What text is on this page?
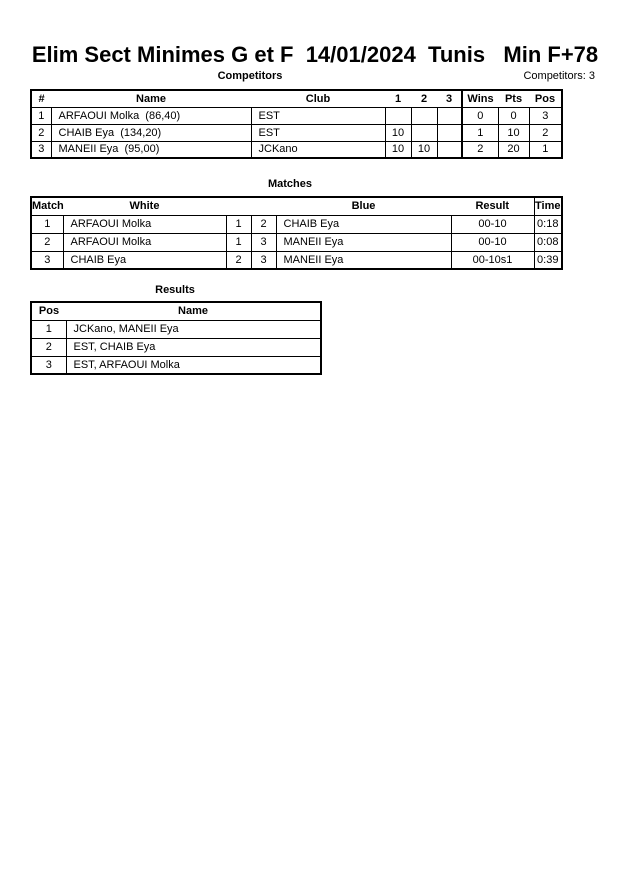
Elim Sect Minimes G et F  14/01/2024  Tunis   Min F+78
Competitors	Competitors: 3
#	Name	Club	1	2	3	Wins	Pts	Pos
1	ARFAOUI Molka  (86,40)	EST				0	0	3
2	CHAIB Eya  (134,20)	EST	10			1	10	2
3	MANEII Eya  (95,00)	JCKano	10	10		2	20	1
Matches
Match	White			Blue	Result	Time
1	ARFAOUI Molka	1	2	CHAIB Eya	00-10	0:18
2	ARFAOUI Molka	1	3	MANEII Eya	00-10	0:08
3	CHAIB Eya	2	3	MANEII Eya	00-10s1	0:39
Results
Pos	Name
1	JCKano, MANEII Eya
2	EST, CHAIB Eya
3	EST, ARFAOUI Molka
